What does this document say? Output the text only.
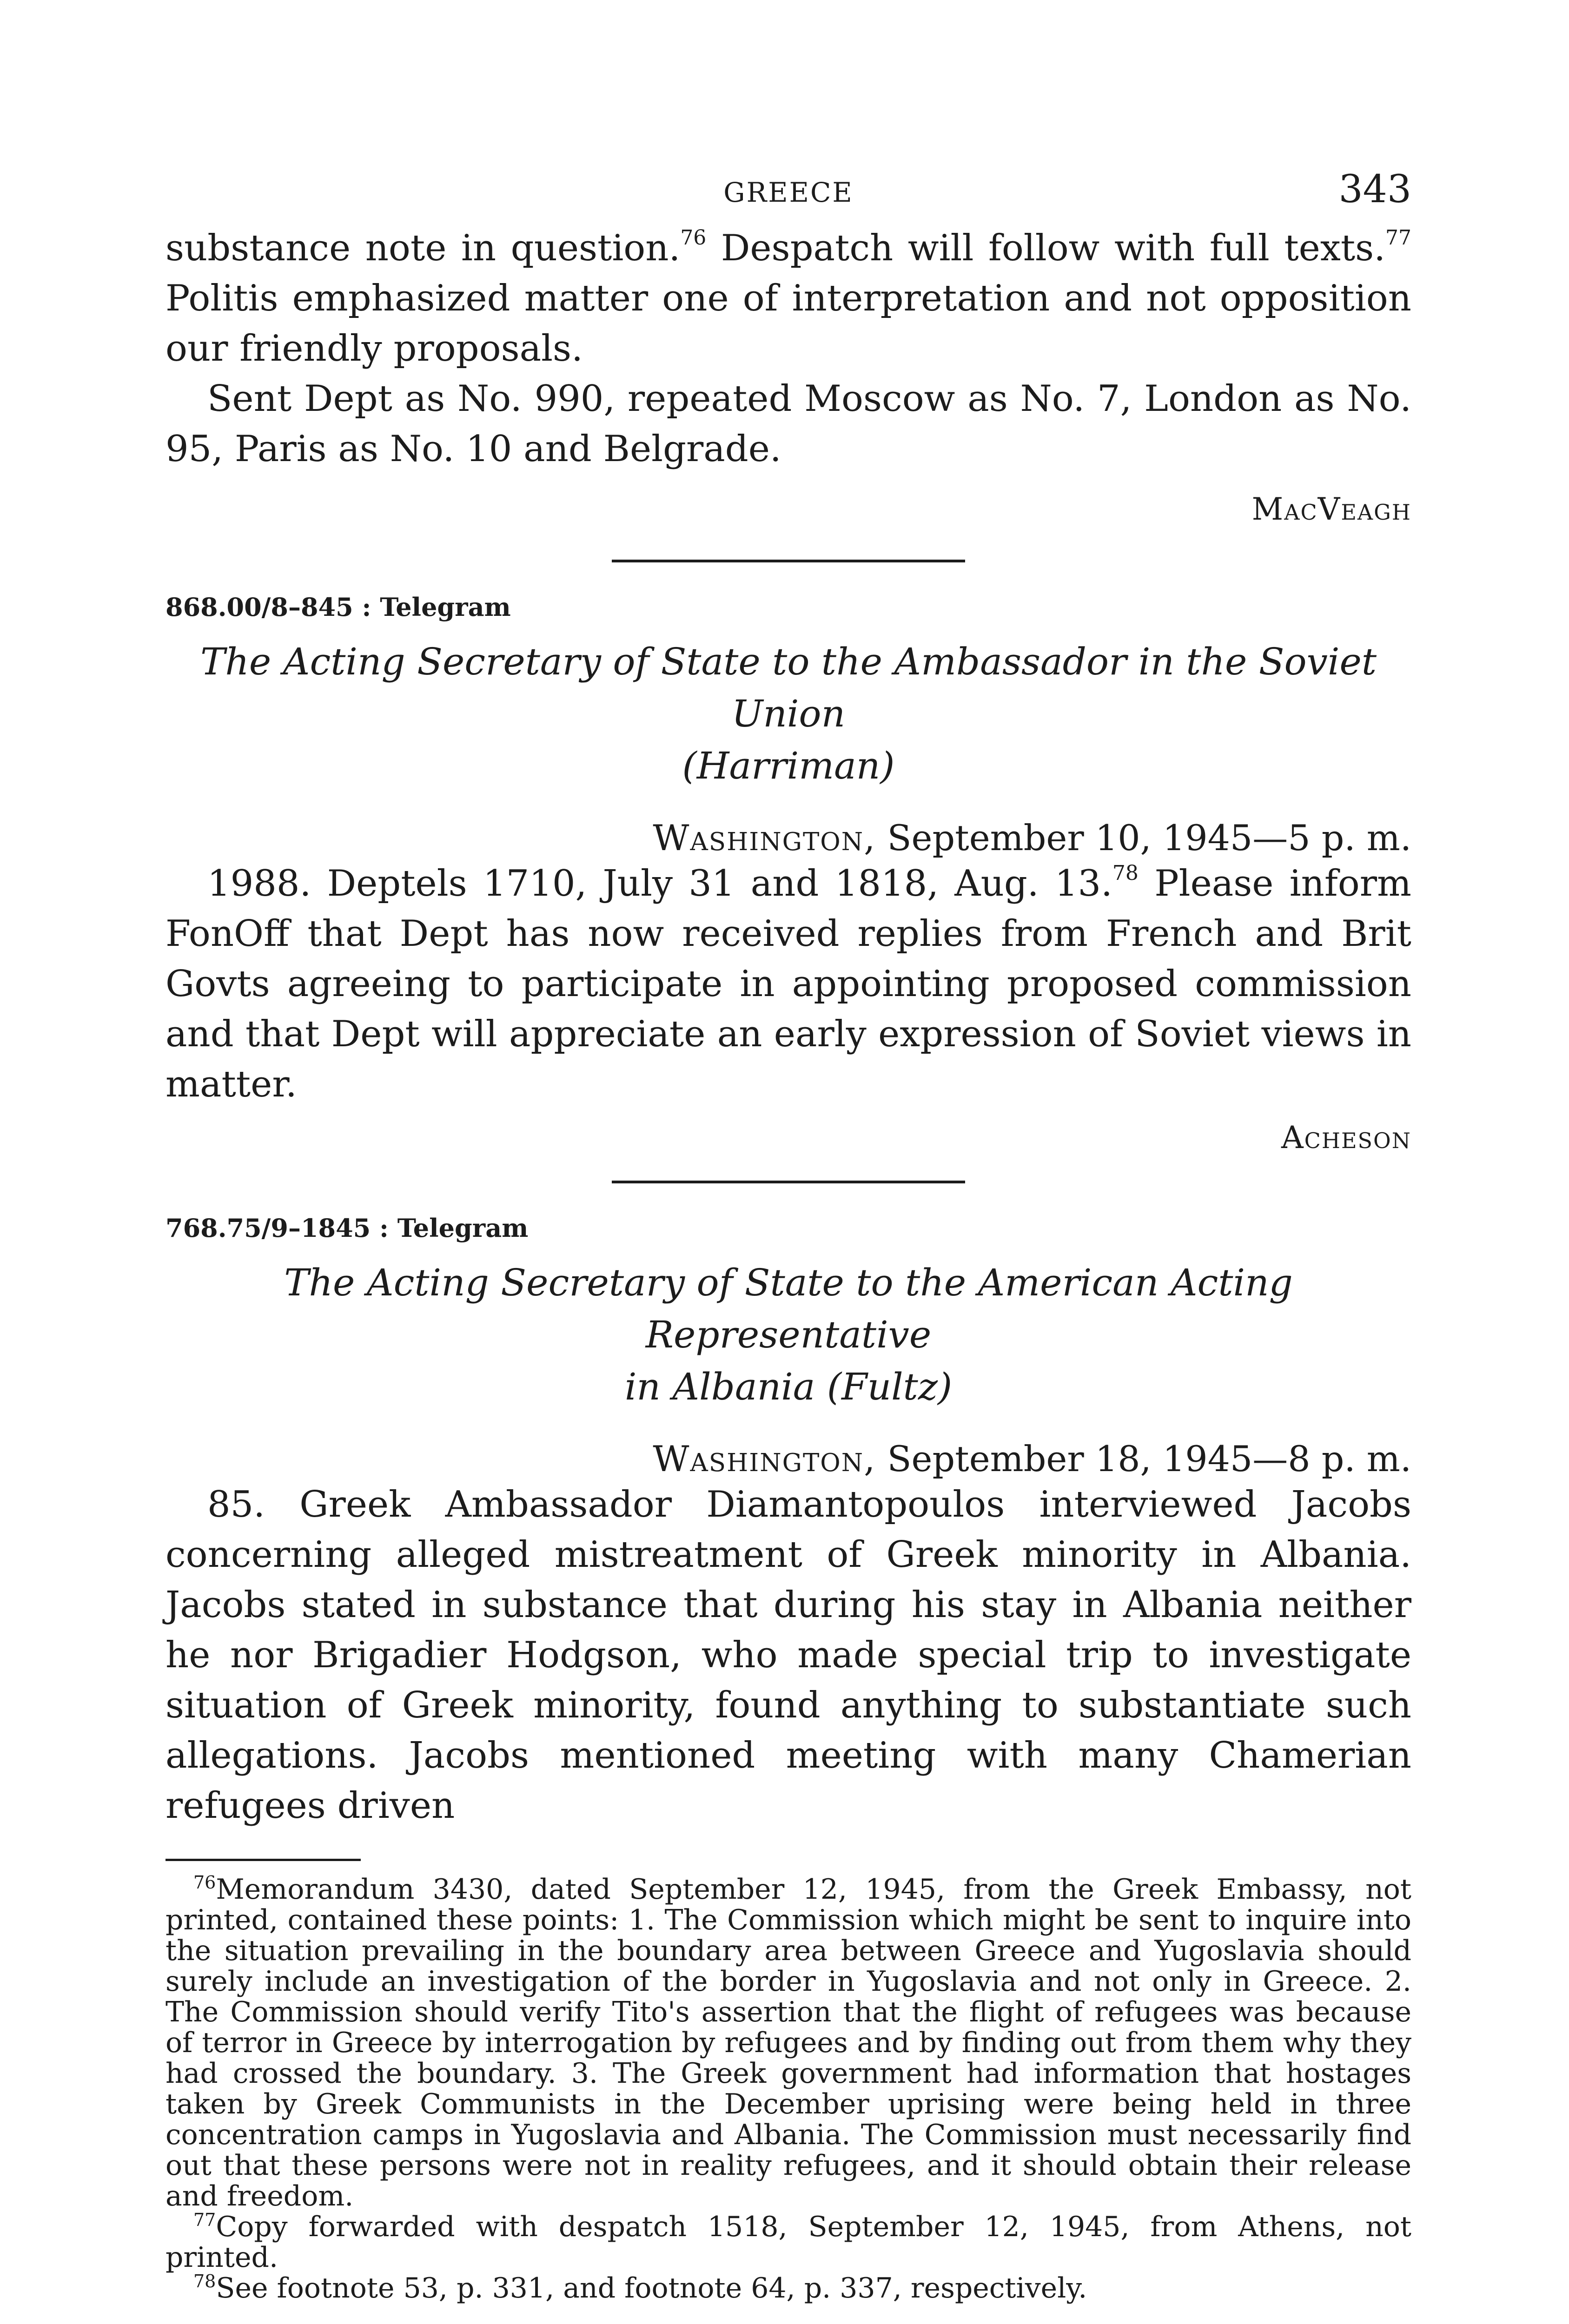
GREECE	343

substance note in question.$^{76}$ Despatch will follow with full texts.$^{77}$ Politis emphasized matter one of interpretation and not opposition our friendly proposals.

Sent Dept as No. 990, repeated Moscow as No. 7, London as No. 95, Paris as No. 10 and Belgrade.

MacVeagh
868.00/8–845 : Telegram

The Acting Secretary of State to the Ambassador in the Soviet Union

(Harriman)

Washington, September 10, 1945—5 p. m.

1988. Deptels 1710, July 31 and 1818, Aug. 13.78 Please inform FonOff that Dept has now received replies from French and Brit Govts agreeing to participate in appointing proposed commission and that Dept will appreciate an early expression of Soviet views in matter.

Acheson
768.75/9–1845 : Telegram

The Acting Secretary of State to the American Acting Representative

in Albania (Fultz)

Washington, September 18, 1945—8 p. m.

85. Greek Ambassador Diamantopoulos interviewed Jacobs concerning alleged mistreatment of Greek minority in Albania. Jacobs stated in substance that during his stay in Albania neither he nor Brigadier Hodgson, who made special trip to investigate situation of Greek minority, found anything to substantiate such allegations. Jacobs mentioned meeting with many Chamerian refugees driven

$^{76}$Memorandum 3430, dated September 12, 1945, from the Greek Embassy, not printed, contained these points: 1. The Commission which might be sent to inquire into the situation prevailing in the boundary area between Greece and Yugoslavia should surely include an investigation of the border in Yugoslavia and not only in Greece. 2. The Commission should verify Tito's assertion that the flight of refugees was because of terror in Greece by interrogation by refugees and by finding out from them why they had crossed the boundary. 3. The Greek government had information that hostages taken by Greek Communists in the December uprising were being held in three concentration camps in Yugoslavia and Albania. The Commission must necessarily find out that these persons were not in reality refugees, and it should obtain their release and freedom.

$^{77}$Copy forwarded with despatch 1518, September 12, 1945, from Athens, not printed.

$^{78}$See footnote 53, p. 331, and footnote 64, p. 337, respectively.
